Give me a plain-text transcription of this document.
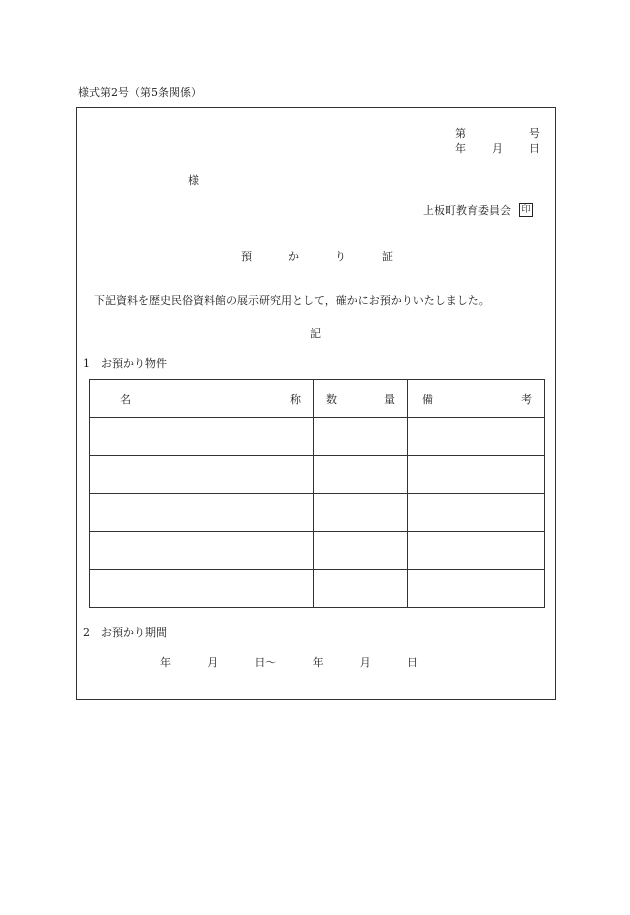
様式第2号（第5条関係）
第	号
年 月 日
様
上板町教育委員会 印
預	か	り	証
下記資料を歴史民俗資料館の展示研究用として，確かにお預かりいたしました。
記
1　お預かり物件
名 称	数 量	備 考

2　お預かり期間
年	月	日～	年	月	日
